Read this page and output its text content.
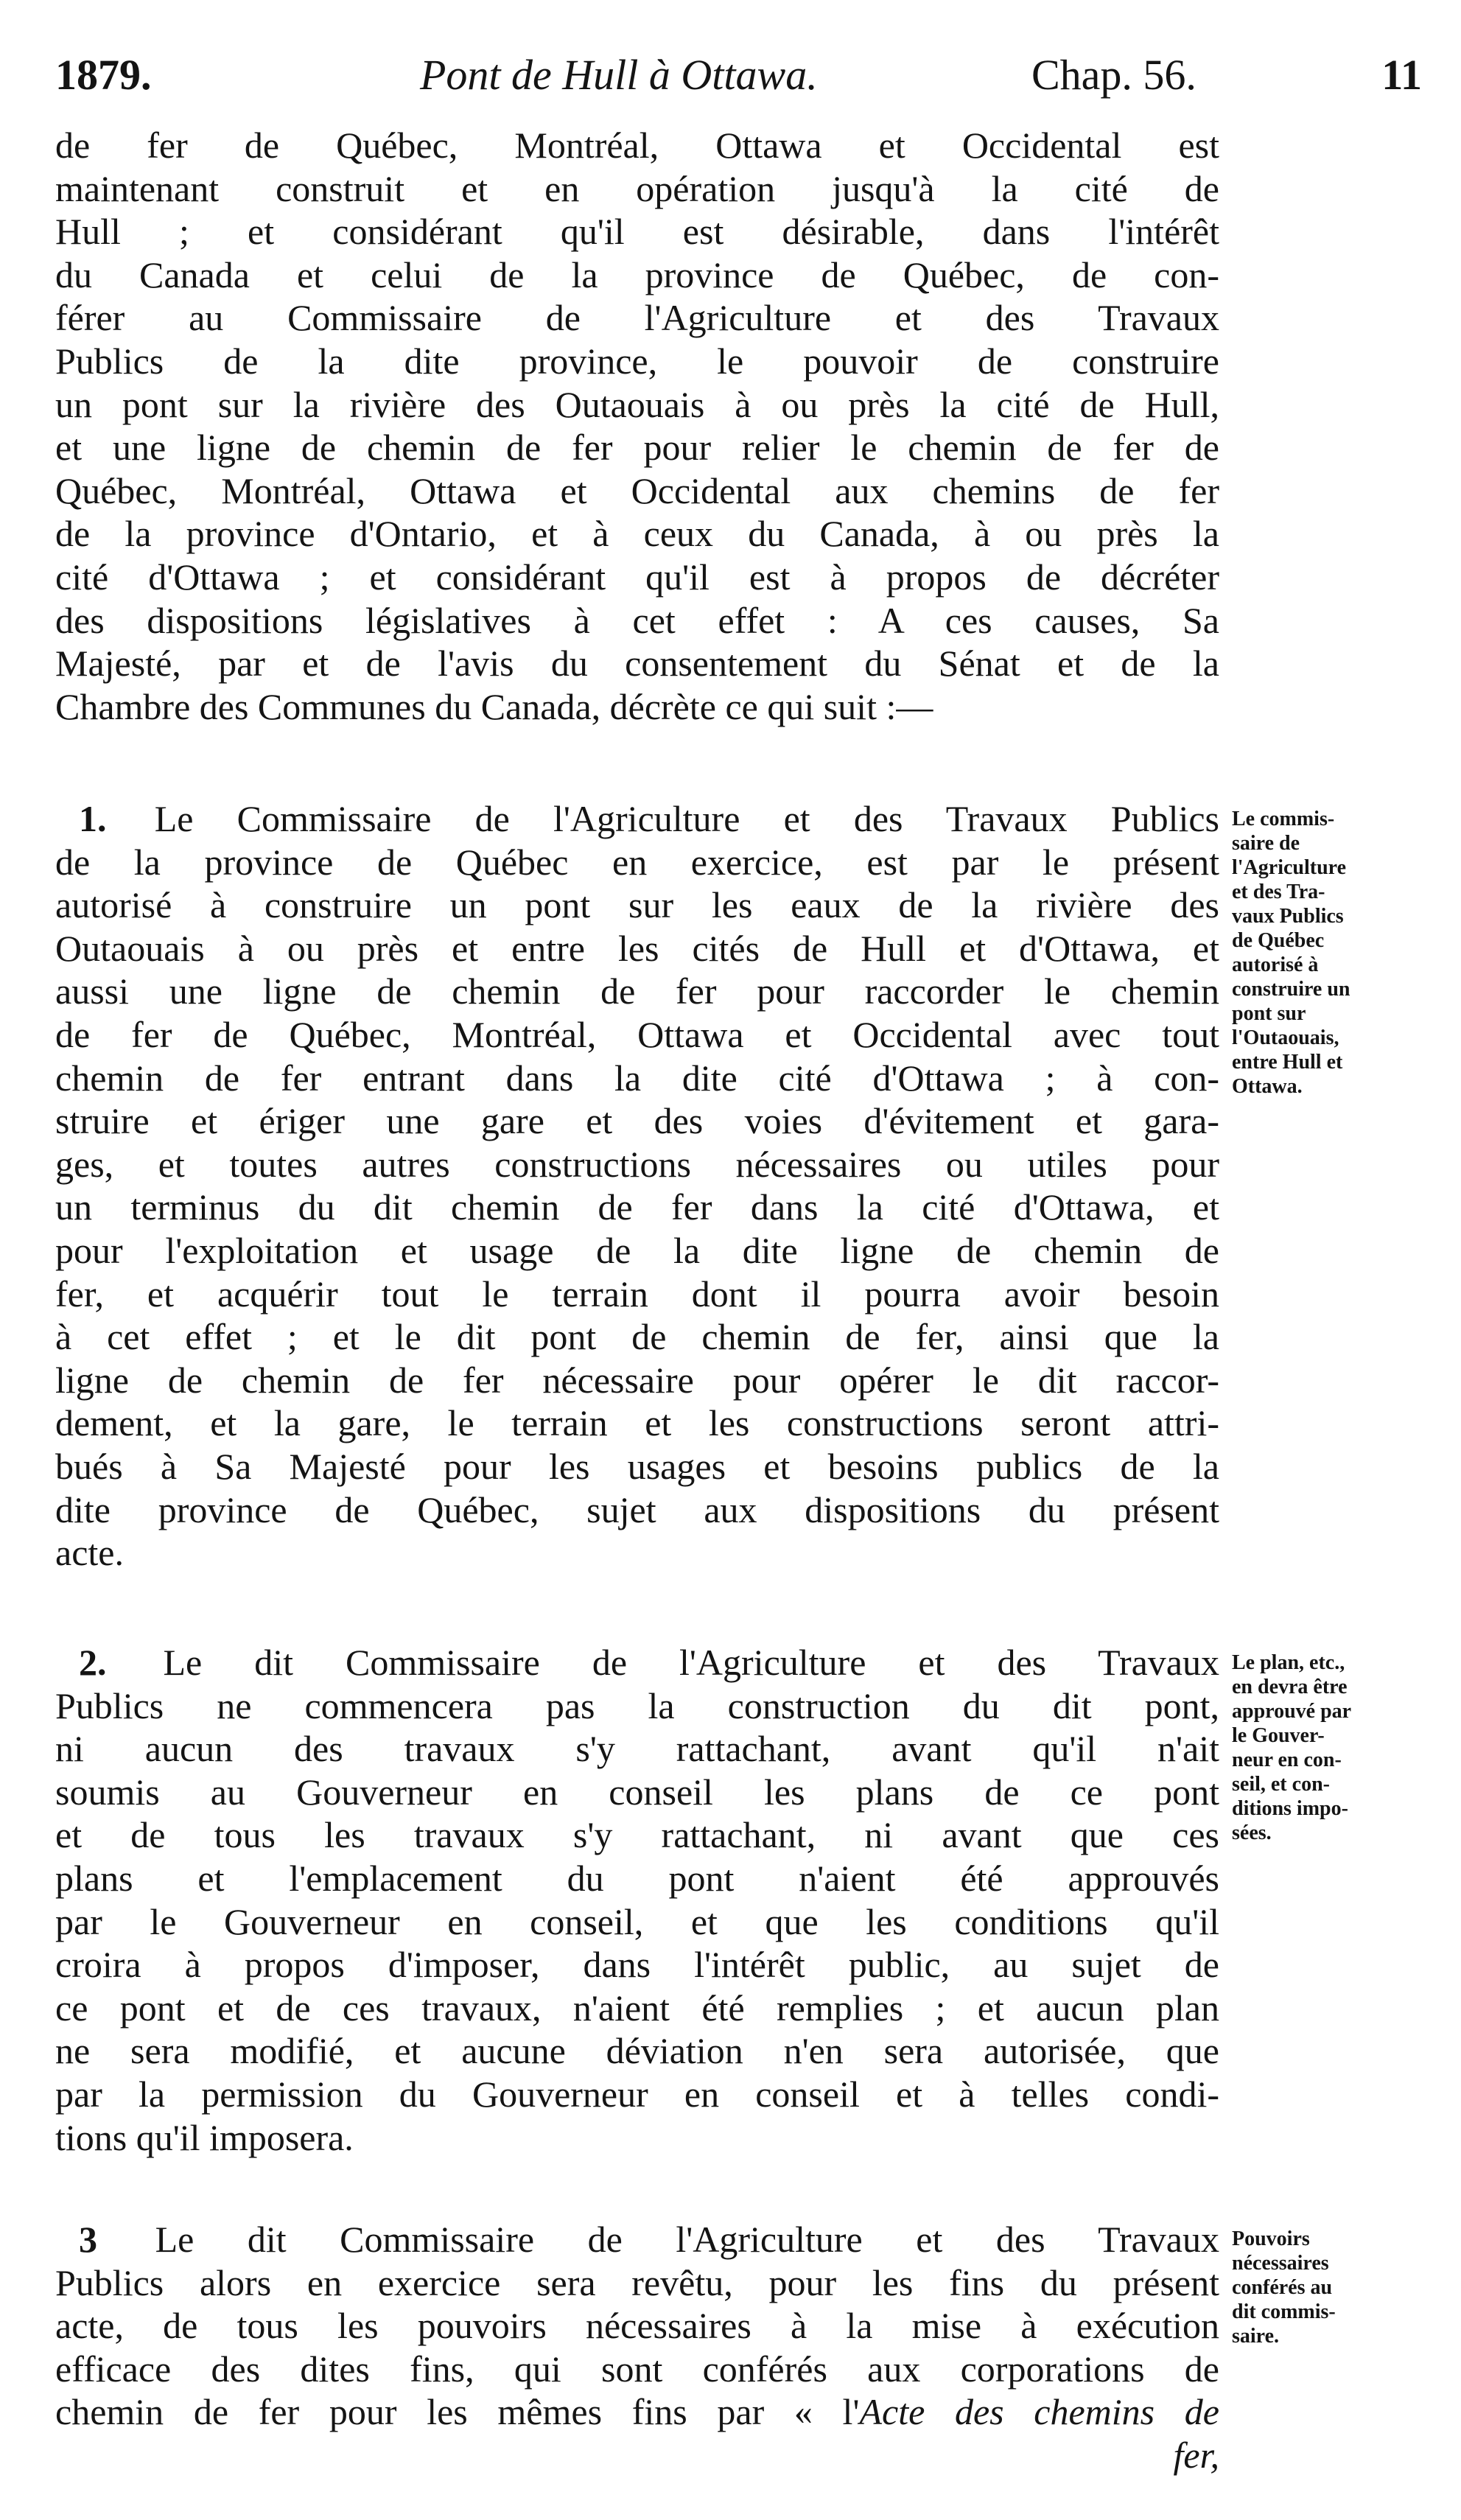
1879.	Pont de Hull à Ottawa.	Chap. 56.	11
de fer de Québec, Montréal, Ottawa et Occidental est
maintenant construit et en opération jusqu'à la cité de
Hull ; et considérant qu'il est désirable, dans l'intérêt
du Canada et celui de la province de Québec, de con-
férer au Commissaire de l'Agriculture et des Travaux
Publics de la dite province, le pouvoir de construire
un pont sur la rivière des Outaouais à ou près la cité de Hull,
et une ligne de chemin de fer pour relier le chemin de fer de
Québec, Montréal, Ottawa et Occidental aux chemins de fer
de la province d'Ontario, et à ceux du Canada, à ou près la
cité d'Ottawa ; et considérant qu'il est à propos de décréter
des dispositions législatives à cet effet : A ces causes, Sa
Majesté, par et de l'avis du consentement du Sénat et de la
Chambre des Communes du Canada, décrète ce qui suit :—
1. Le Commissaire de l'Agriculture et des Travaux Publics
de la province de Québec en exercice, est par le présent
autorisé à construire un pont sur les eaux de la rivière des
Outaouais à ou près et entre les cités de Hull et d'Ottawa, et
aussi une ligne de chemin de fer pour raccorder le chemin
de fer de Québec, Montréal, Ottawa et Occidental avec tout
chemin de fer entrant dans la dite cité d'Ottawa ; à con-
struire et ériger une gare et des voies d'évitement et gara-
ges, et toutes autres constructions nécessaires ou utiles pour
un terminus du dit chemin de fer dans la cité d'Ottawa, et
pour l'exploitation et usage de la dite ligne de chemin de
fer, et acquérir tout le terrain dont il pourra avoir besoin
à cet effet ; et le dit pont de chemin de fer, ainsi que la
ligne de chemin de fer nécessaire pour opérer le dit raccor-
dement, et la gare, le terrain et les constructions seront attri-
bués à Sa Majesté pour les usages et besoins publics de la
dite province de Québec, sujet aux dispositions du présent
acte.
Le commis-
saire de
l'Agriculture
et des Tra-
vaux Publics
de Québec
autorisé à
construire un
pont sur
l'Outaouais,
entre Hull et
Ottawa.
2. Le dit Commissaire de l'Agriculture et des Travaux
Publics ne commencera pas la construction du dit pont,
ni aucun des travaux s'y rattachant, avant qu'il n'ait
soumis au Gouverneur en conseil les plans de ce pont
et de tous les travaux s'y rattachant, ni avant que ces
plans et l'emplacement du pont n'aient été approuvés
par le Gouverneur en conseil, et que les conditions qu'il
croira à propos d'imposer, dans l'intérêt public, au sujet de
ce pont et de ces travaux, n'aient été remplies ; et aucun plan
ne sera modifié, et aucune déviation n'en sera autorisée, que
par la permission du Gouverneur en conseil et à telles condi-
tions qu'il imposera.
Le plan, etc.,
en devra être
approuvé par
le Gouver-
neur en con-
seil, et con-
ditions impo-
sées.
3 Le dit Commissaire de l'Agriculture et des Travaux
Publics alors en exercice sera revêtu, pour les fins du présent
acte, de tous les pouvoirs nécessaires à la mise à exécution
efficace des dites fins, qui sont conférés aux corporations de
chemin de fer pour les mêmes fins par « l'Acte des chemins de
fer,
Pouvoirs
nécessaires
conférés au
dit commis-
saire.
